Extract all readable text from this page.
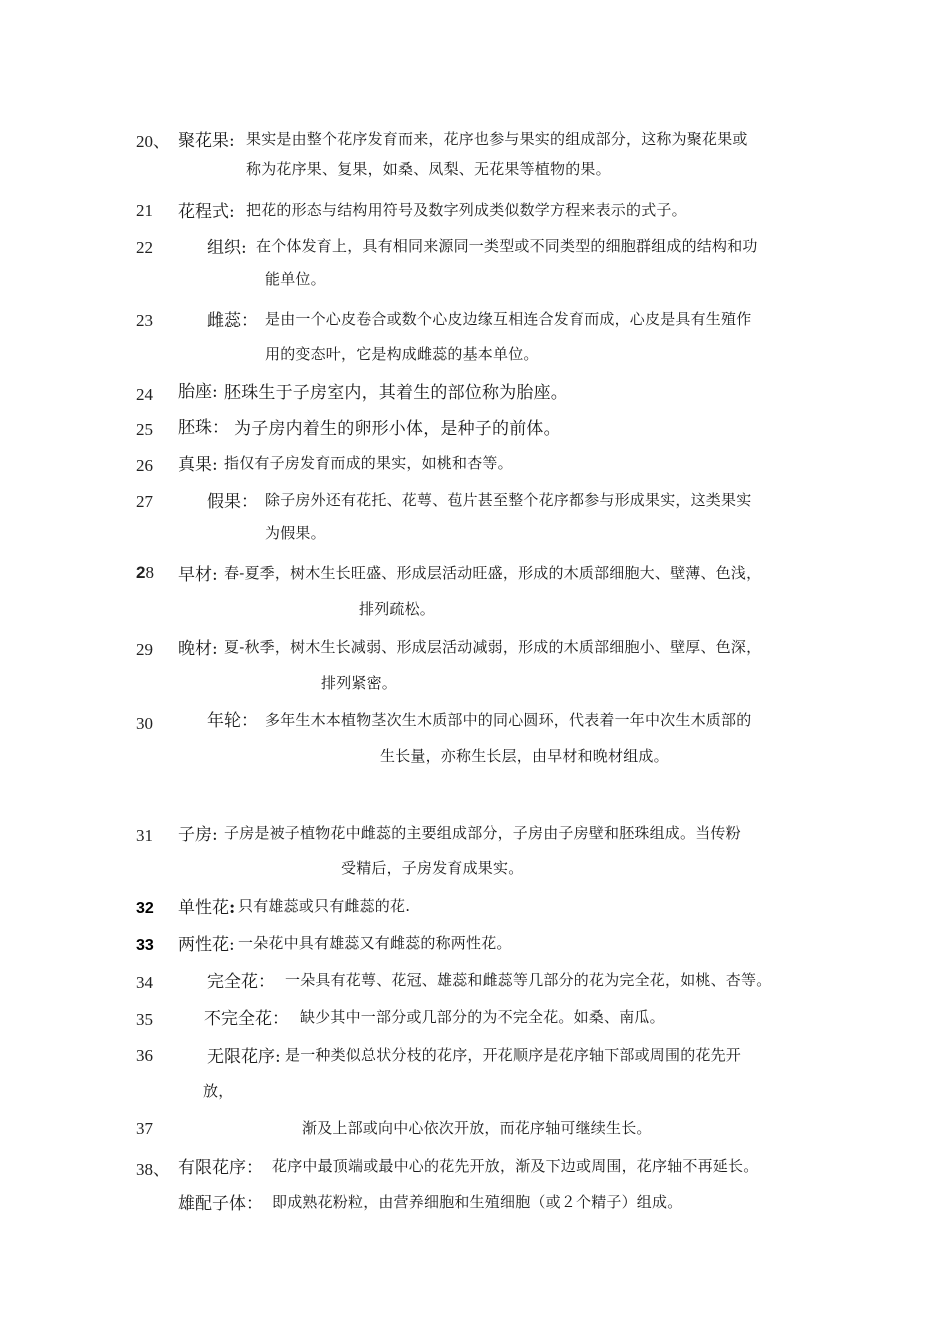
20、 聚花果: 果实是由整个花序发育而来，花序也参与果实的组成部分，这称为聚花果或
称为花序果、复果，如桑、凤梨、无花果等植物的果。
21 花程式: 把花的形态与结构用符号及数字列成类似数学方程来表示的式子。
22	组织: 在个体发育上，具有相同来源同一类型或不同类型的细胞群组成的结构和功
能单位。
23	雌蕊： 是由一个心皮卷合或数个心皮边缘互相连合发育而成，心皮是具有生殖作
用的变态叶，它是构成雌蕊的基本单位。
24 胎座: 胚珠生于子房室内，其着生的部位称为胎座。
25 胚珠： 为子房内着生的卵形小体，是种子的前体。
26 真果: 指仅有子房发育而成的果实，如桃和杏等。
27	假果： 除子房外还有花托、花萼、苞片甚至整个花序都参与形成果实，这类果实
为假果。
28 早材: 春-夏季，树木生长旺盛、形成层活动旺盛，形成的木质部细胞大、壁薄、色浅，
排列疏松。
29 晚材: 夏-秋季，树木生长减弱、形成层活动减弱，形成的木质部细胞小、壁厚、色深，
排列紧密。
30	年轮： 多年生木本植物茎次生木质部中的同心圆环，代表着一年中次生木质部的
生长量，亦称生长层，由早材和晚材组成。
31 子房: 子房是被子植物花中雌蕊的主要组成部分，子房由子房壁和胚珠组成。当传粉
受精后，子房发育成果实。
32 单性花: 只有雄蕊或只有雌蕊的花.
33 两性花: 一朵花中具有雄蕊又有雌蕊的称两性花。
34	完全花： 一朵具有花萼、花冠、雄蕊和雌蕊等几部分的花为完全花，如桃、杏等。
35	不完全花： 缺少其中一部分或几部分的为不完全花。如桑、南瓜。
36	无限花序: 是一种类似总状分枝的花序，开花顺序是花序轴下部或周围的花先开
放，
37	渐及上部或向中心依次开放，而花序轴可继续生长。
38、 有限花序： 花序中最顶端或最中心的花先开放，渐及下边或周围，花序轴不再延长。
雄配子体： 即成熟花粉粒，由营养细胞和生殖细胞（或２个精子）组成。
